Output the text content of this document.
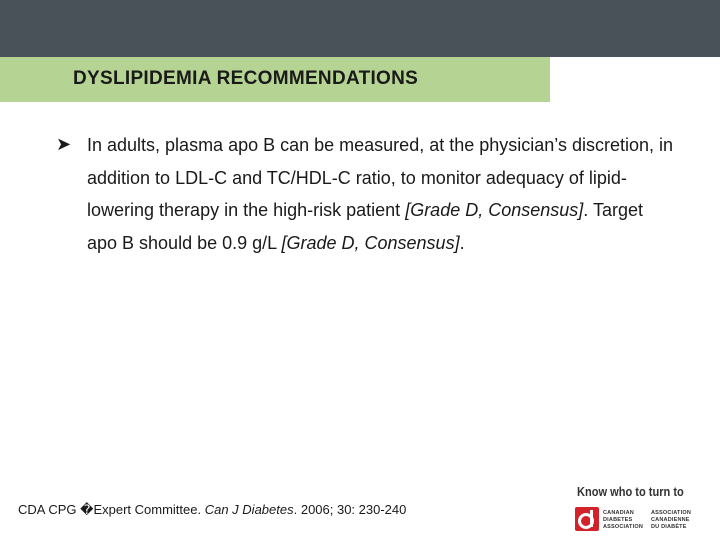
DYSLIPIDEMIA RECOMMENDATIONS
➤ In adults, plasma apo B can be measured, at the physician’s discretion, in addition to LDL-C and TC/HDL-C ratio, to monitor adequacy of lipid-lowering therapy in the high-risk patient [Grade D, Consensus]. Target apo B should be 0.9 g/L [Grade D, Consensus].
CDA CPG �Expert Committee. Can J Diabetes. 2006; 30: 230-240
Know who to turn to
CANADIAN
DIABETES
ASSOCIATION
ASSOCIATION
CANADIENNE
DU DIABÈTE
